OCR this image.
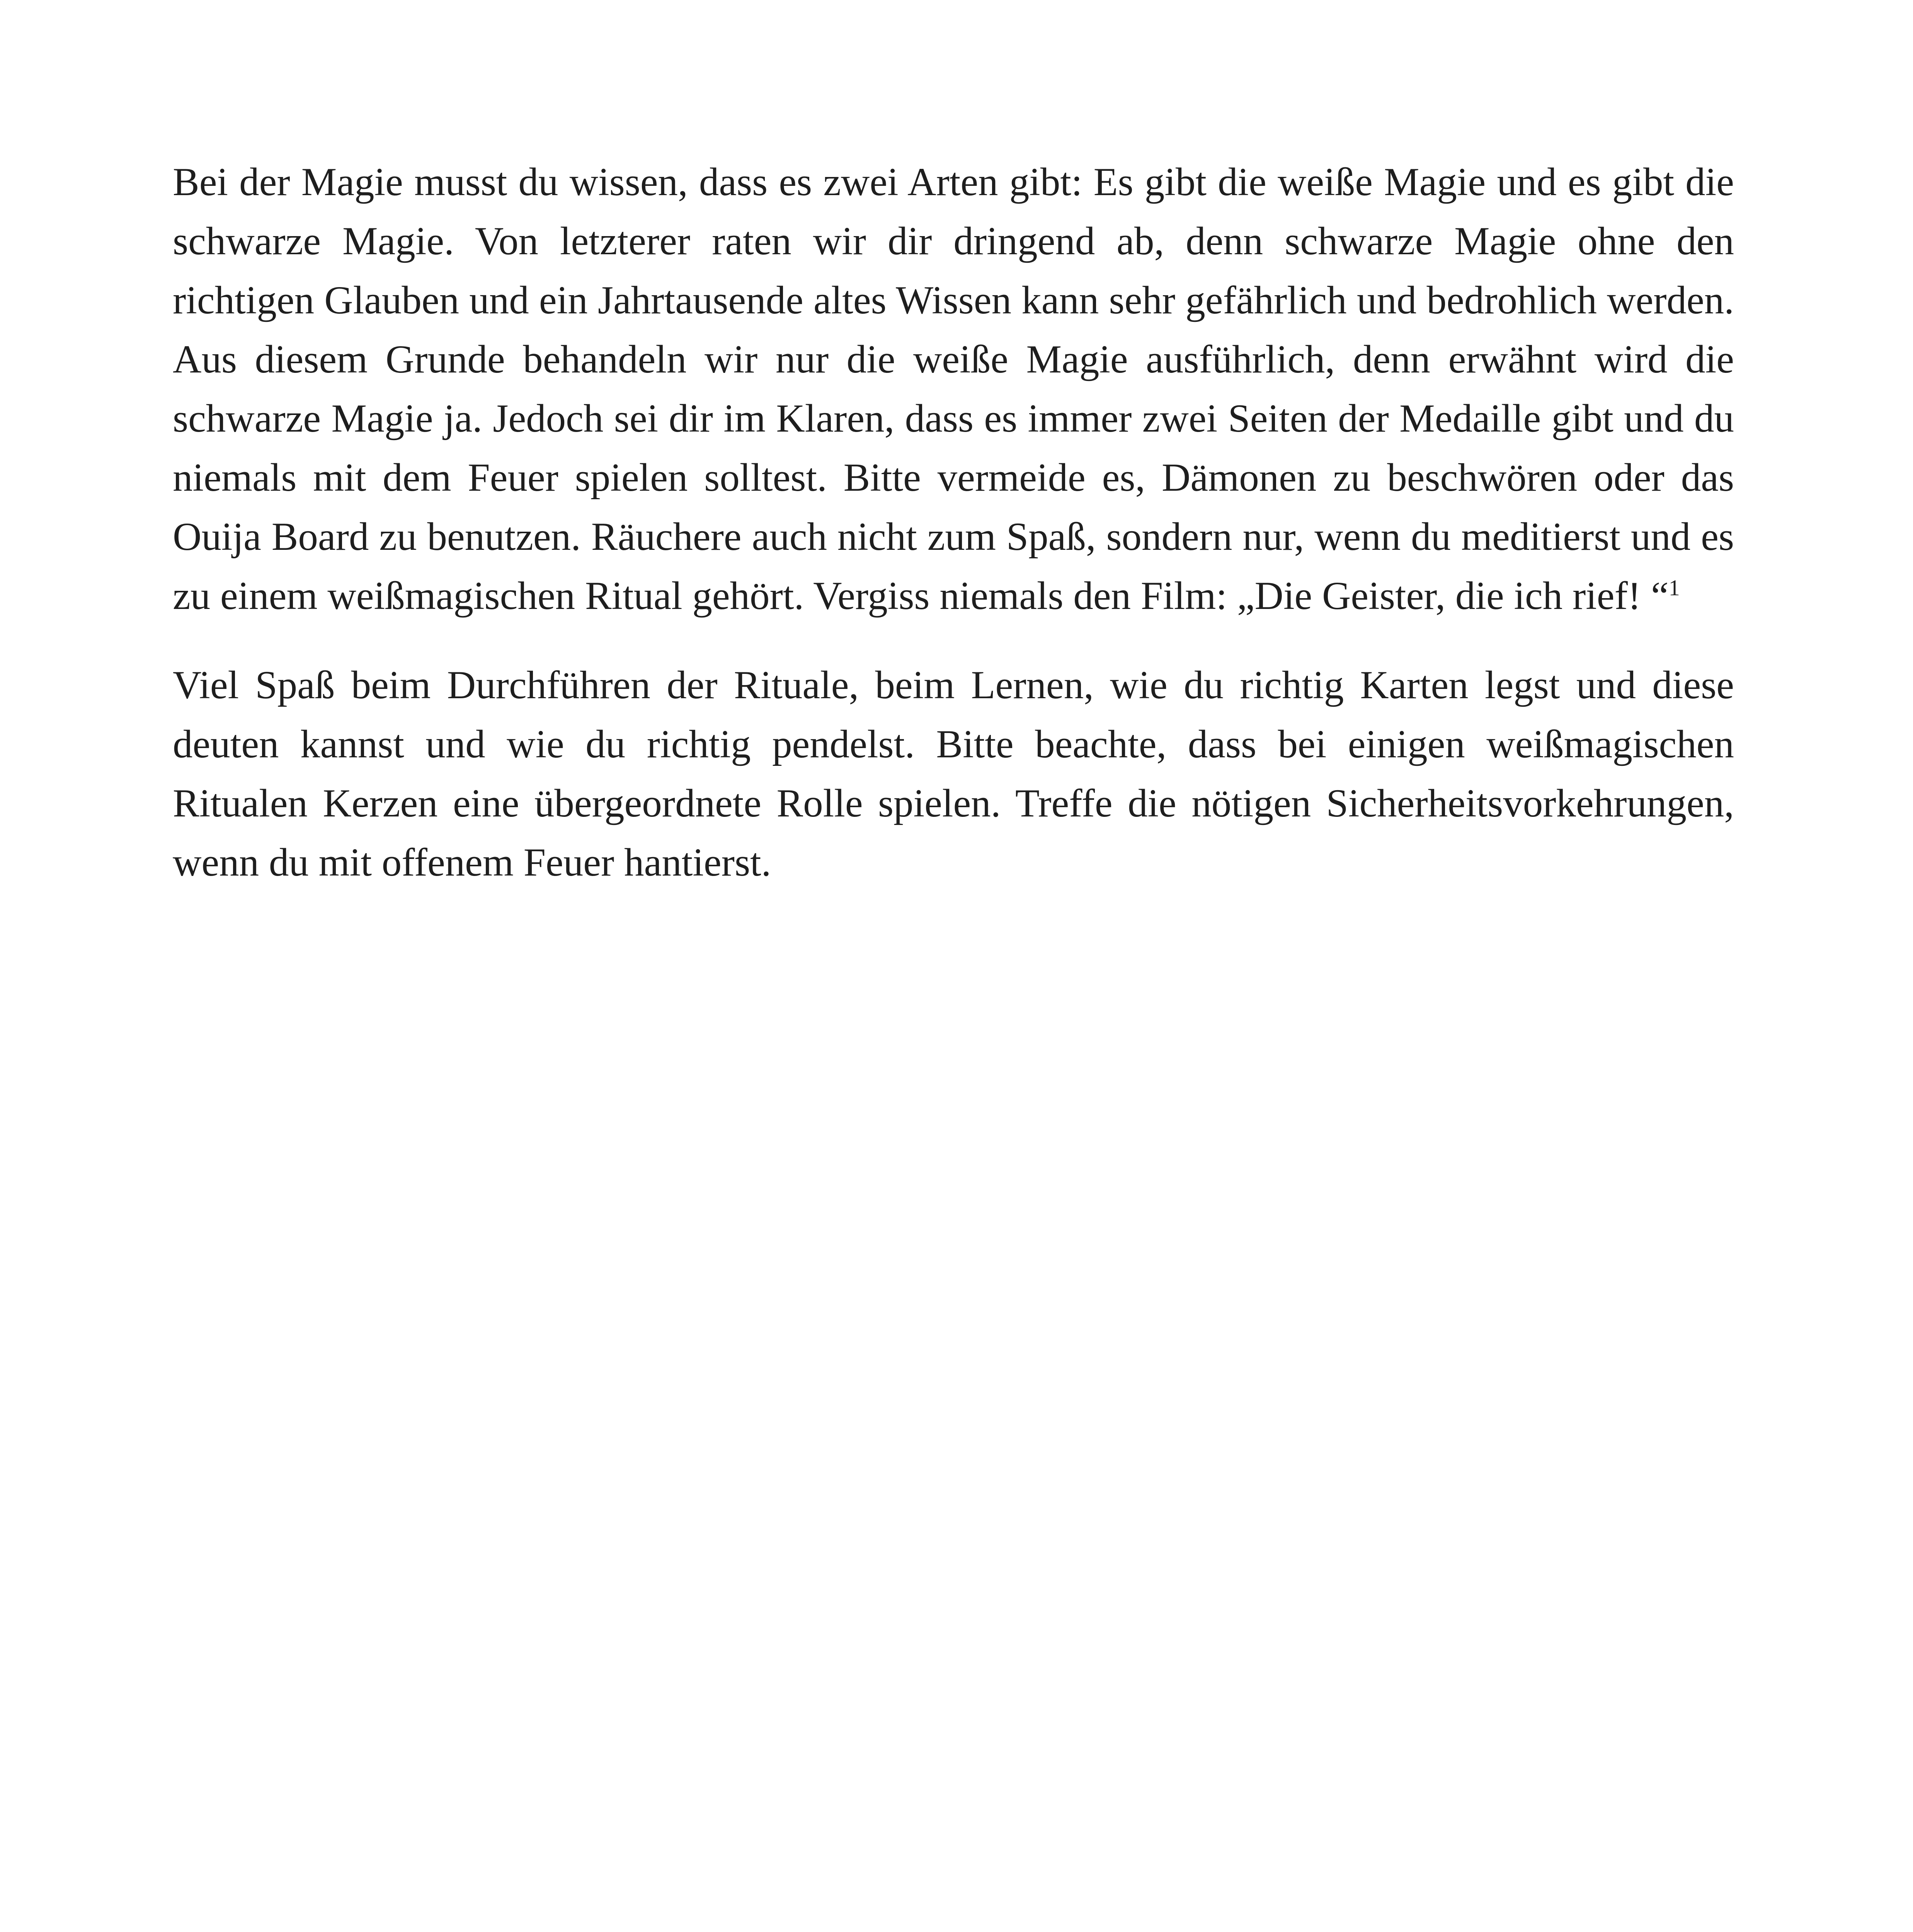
Bei der Magie musst du wissen, dass es zwei Arten gibt: Es gibt die weiße Magie und es gibt die schwarze Magie. Von letzterer raten wir dir dringend ab, denn schwarze Magie ohne den richtigen Glauben und ein Jahrtausende altes Wissen kann sehr gefährlich und bedrohlich werden. Aus diesem Grunde behandeln wir nur die weiße Magie ausführlich, denn erwähnt wird die schwarze Magie ja. Jedoch sei dir im Klaren, dass es immer zwei Seiten der Medaille gibt und du niemals mit dem Feuer spielen solltest. Bitte vermeide es, Dämonen zu beschwören oder das Ouija Board zu benutzen. Räuchere auch nicht zum Spaß, sondern nur, wenn du meditierst und es zu einem weißmagischen Ritual gehört. Vergiss niemals den Film: „Die Geister, die ich rief! “$^1$

Viel Spaß beim Durchführen der Rituale, beim Lernen, wie du richtig Karten legst und diese deuten kannst und wie du richtig pendelst. Bitte beachte, dass bei einigen weißmagischen Ritualen Kerzen eine übergeordnete Rolle spielen. Treffe die nötigen Sicherheitsvorkehrungen, wenn du mit offenem Feuer hantierst.
